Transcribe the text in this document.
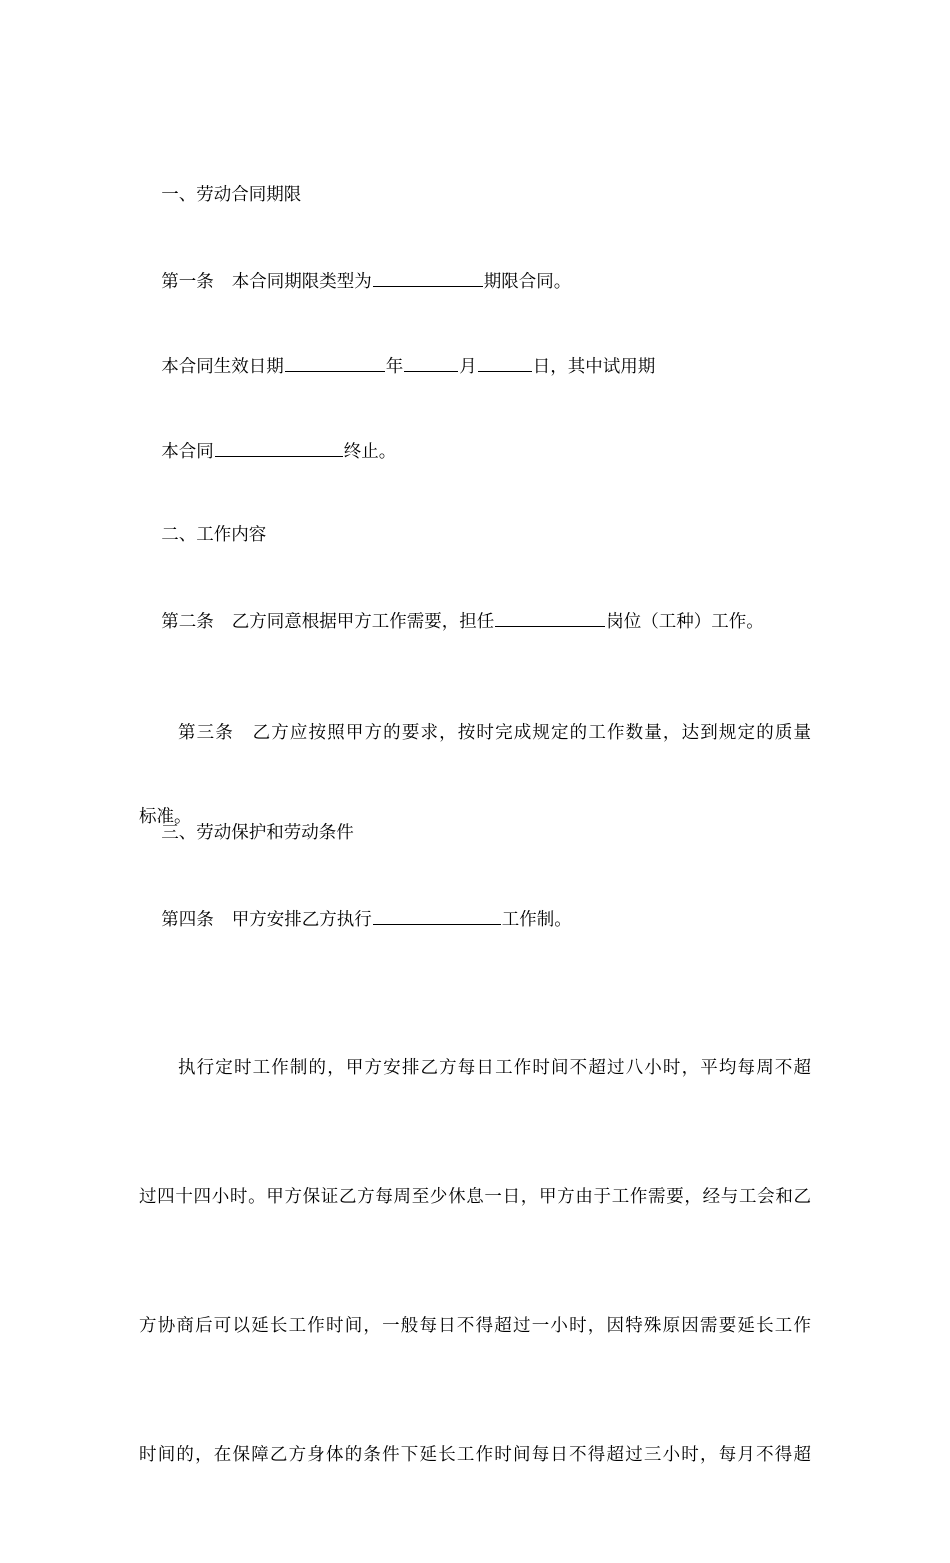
一、劳动合同期限

第一条 本合同期限类型为	期限合同。

本合同生效日期	年	月	日，其中试用期

本合同	终止。

二、工作内容

第二条 乙方同意根据甲方工作需要，担任	岗位（工种）工作。

第三条　乙方应按照甲方的要求，按时完成规定的工作数量，达到规定的质量

标准。

三、劳动保护和劳动条件

第四条 甲方安排乙方执行	工作制。

执行定时工作制的，甲方安排乙方每日工作时间不超过八小时，平均每周不超

过四十四小时。甲方保证乙方每周至少休息一日，甲方由于工作需要，经与工会和乙

方协商后可以延长工作时间，一般每日不得超过一小时，因特殊原因需要延长工作

时间的，在保障乙方身体的条件下延长工作时间每日不得超过三小时，每月不得超
